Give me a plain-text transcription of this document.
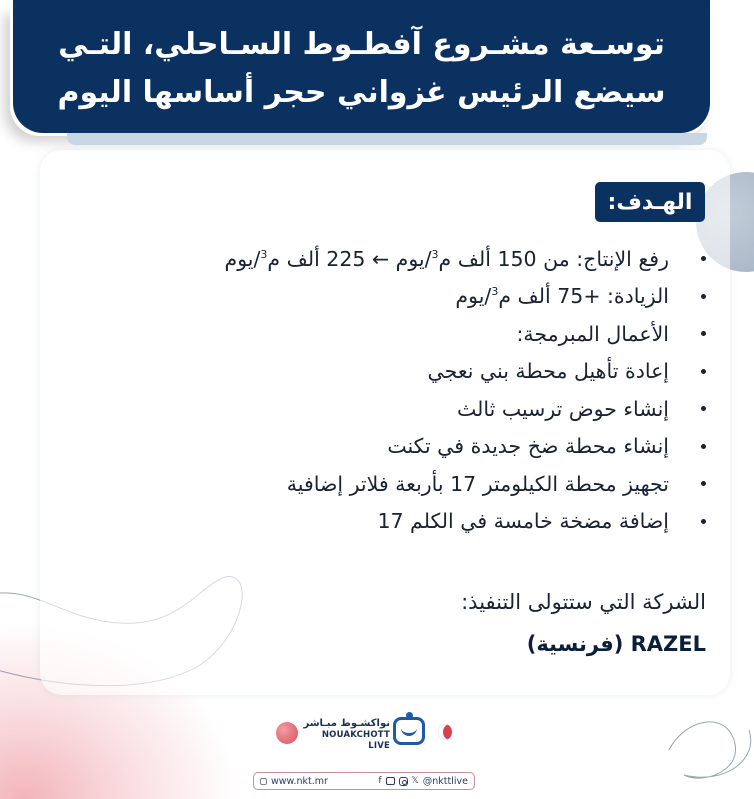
توسـعة مشـروع آفطـوط السـاحلي، التـي
سيضع الرئيس غزواني حجر أساسها اليوم
الهـدف:
رفع الإنتاج: من 150 ألف م$^3$/يوم ← 225 ألف م$^3$/يوم
الزيادة: +75 ألف م$^3$/يوم
الأعمال المبرمجة:
إعادة تأهيل محطة بني نعجي
إنشاء حوض ترسيب ثالث
إنشاء محطة ضخ جديدة في تكنت
تجهيز محطة الكيلومتر 17 بأربعة فلاتر إضافية
إضافة مضخة خامسة في الكلم 17
الشركة التي ستتولى التنفيذ:
RAZEL (فرنسية)
نواكشـوط مبـاشر
NOUAKCHOTT LIVE
www.nkt.mr	f	𝕏 @nkttlive
